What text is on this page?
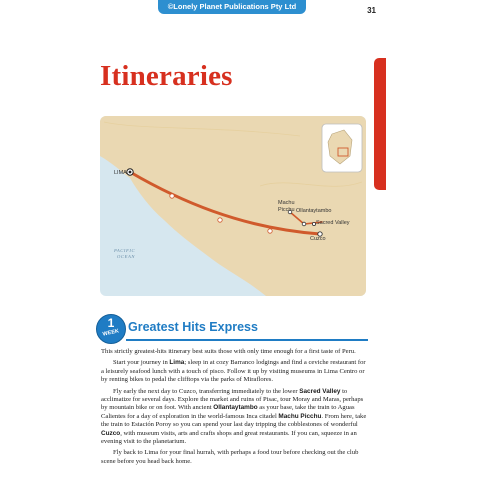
©Lonely Planet Publications Pty Ltd	31
Itineraries
LIMA
Machu
Picchu Ollantaytambo
Sacred Valley
Cuzco
PACIFIC
OCEAN
1
WEEK Greatest Hits Express

This strictly greatest-hits itinerary best suits those with only time enough for a first taste of Peru.

Start your journey in Lima; sleep in at cozy Barranco lodgings and find a ceviche restaurant for a leisurely seafood lunch with a touch of pisco. Follow it up by visiting museums in Lima Centro or by renting bikes to pedal the clifftops via the parks of Miraflores.

Fly early the next day to Cuzco, transferring immediately to the lower Sacred Valley to acclimatize for several days. Explore the market and ruins of Pisac, tour Moray and Maras, perhaps by mountain bike or on foot. With ancient Ollantaytambo as your base, take the train to Aguas Calientes for a day of exploration in the world-famous Inca citadel Machu Picchu. From here, take the train to Estación Poroy so you can spend your last day tripping the cobblestones of wonderful Cuzco, with museum visits, arts and crafts shops and great restaurants. If you can, squeeze in an evening visit to the planetarium.

Fly back to Lima for your final hurrah, with perhaps a food tour before checking out the club scene before you head back home.
